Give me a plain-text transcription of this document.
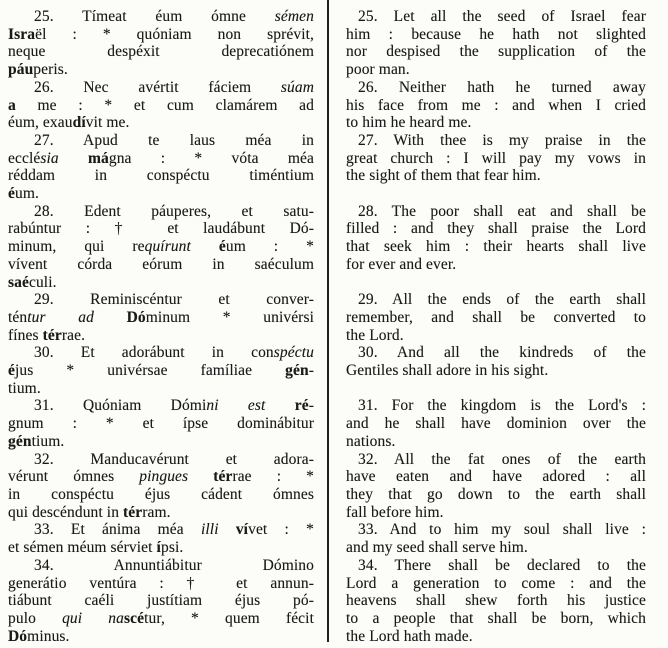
25. Tímeat éum ómne sémen
Israël : * quóniam non sprévit,
neque despéxit deprecatiónem
páuperis.
25. Let all the seed of Israel fear
him : because he hath not slighted
nor despised the supplication of the
poor man.
26. Nec avértit fáciem súam
a me : * et cum clamárem ad
éum, exaudívit me.
26. Neither hath he turned away
his face from me : and when I cried
to him he heard me.
27. Apud te laus méa in
ecclésia mágna : * vóta méa
réddam in conspéctu timéntium
éum.
27. With thee is my praise in the
great church : I will pay my vows in
the sight of them that fear him.
28. Edent páuperes, et satu-
rabúntur : † et laudábunt Dó-
minum, qui requírunt éum : *
vívent córda eórum in saéculum
saéculi.
28. The poor shall eat and shall be
filled : and they shall praise the Lord
that seek him : their hearts shall live
for ever and ever.
29. Reminiscéntur et conver-
téntur ad Dóminum * univérsi
fínes térrae.
29. All the ends of the earth shall
remember, and shall be converted to
the Lord.
30. Et adorábunt in conspéctu
éjus * univérsae famíliae gén-
tium.
30. And all the kindreds of the
Gentiles shall adore in his sight.
31. Quóniam Dómini est ré-
gnum : * et ípse dominábitur
géntium.
31. For the kingdom is the Lord's :
and he shall have dominion over the
nations.
32. Manducavérunt et adora-
vérunt ómnes pingues térrae : *
in conspéctu éjus cádent ómnes
qui descéndunt in térram.
32. All the fat ones of the earth
have eaten and have adored : all
they that go down to the earth shall
fall before him.
33. Et ánima méa illi vívet : *
et sémen méum sérviet ípsi.
33. And to him my soul shall live :
and my seed shall serve him.
34. Annuntiábitur Dómino
generátio ventúra : † et annun-
tiábunt caéli justítiam éjus pó-
pulo qui nascétur, * quem fécit
Dóminus.
34. There shall be declared to the
Lord a generation to come : and the
heavens shall shew forth his justice
to a people that shall be born, which
the Lord hath made.
